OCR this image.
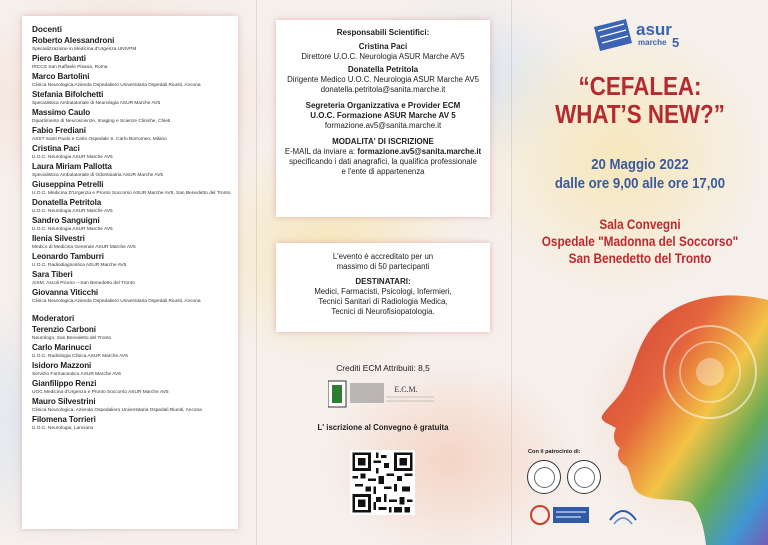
Docenti
Roberto Alessandroni
Specializzazione in Medicina d'Urgenza UNIVPM
Piero Barbanti
IRCCS San Raffaele Pisana, Roma
Marco Bartolini
Clinica Neurologica Azienda Ospedaliero Universitaria Ospedali Riuniti, Ancona
Stefania Bifolchetti
Specialistica Ambulatoriale di Neurologia ASUR Marche AV5
Massimo Caulo
Dipartimento di Neuroscienze, Imaging e Scienze Cliniche, Chieti
Fabio Frediani
ASST Santi Paolo e Carlo Ospedale S. Carlo Borromeo, Milano
Cristina Paci
U.O.C. Neurologia ASUR Marche AV5
Laura Miriam Pallotta
Specialistica Ambulatoriale di Odontoiatria ASUR Marche AV5
Giuseppina Petrelli
U.O.C. Medicina D'Urgenza e Pronto Soccorso ASUR Marche AV5, San Benedetto del Tronto
Donatella Petritola
U.O.C. Neurologia ASUR Marche AV5
Sandro Sanguigni
U.O.C. Neurologia ASUR Marche AV5
Ilenia Silvestri
Medico di Medicina Generale ASUR Marche AV5
Leonardo Tamburri
U.O.C. Radiodiagnostica ASUR Marche AV5
Sara Tiberi
AISM, Ascoli Piceno – San Benedetto del Tronto
Giovanna Viticchi
Clinica Neurologica Azienda Ospedaliero Universitaria Ospedali Riuniti, Ancona
Moderatori
Terenzio Carboni
Neurologo, San Benedetto del Tronto
Carlo Marinucci
U.O.C. Radiologia Clinica ASUR Marche AV5
Isidoro Mazzoni
Servizio Farmaceutico ASUR Marche AV5
Gianfilippo Renzi
UOC Medicina d'Urgenza e Pronto Soccorso ASUR Marche AV5
Mauro Silvestrini
Clinica Neurologica, Azienda Ospedaliero Universitaria Ospedali Riuniti, Ancona
Filomena Torrieri
U.O.C. Neurologia, Lanciano
Responsabili Scientifici:
Cristina Paci
Direttore U.O.C. Neurologia ASUR Marche AV5
Donatella Petritola
Dirigente Medico U.O.C. Neurologia ASUR Marche AV5
donatella.petritola@sanita.marche.it
Segreteria Organizzativa e Provider ECM
U.O.C. Formazione ASUR Marche AV 5
formazione.av5@sanita.marche.it
MODALITA' DI ISCRIZIONE
E-MAIL da inviare a: formazione.av5@sanita.marche.it
specificando i dati anagrafici, la qualifica professionale
e l'ente di appartenenza
L'evento è accreditato per un
massimo di 50 partecipanti
DESTINATARI:
Medici, Farmacisti, Psicologi, Infermieri,
Tecnici Sanitari di Radiologia Medica,
Tecnici di Neurofisiopatologia.
Crediti ECM Attribuiti: 8,5
E.C.M.
L' iscrizione al Convegno è gratuita
asur
marche 5
“CEFALEA:
WHAT’S NEW?”
20 Maggio 2022
dalle ore 9,00 alle ore 17,00
Sala Convegni
Ospedale "Madonna del Soccorso"
San Benedetto del Tronto
Con il patrocinio di:
